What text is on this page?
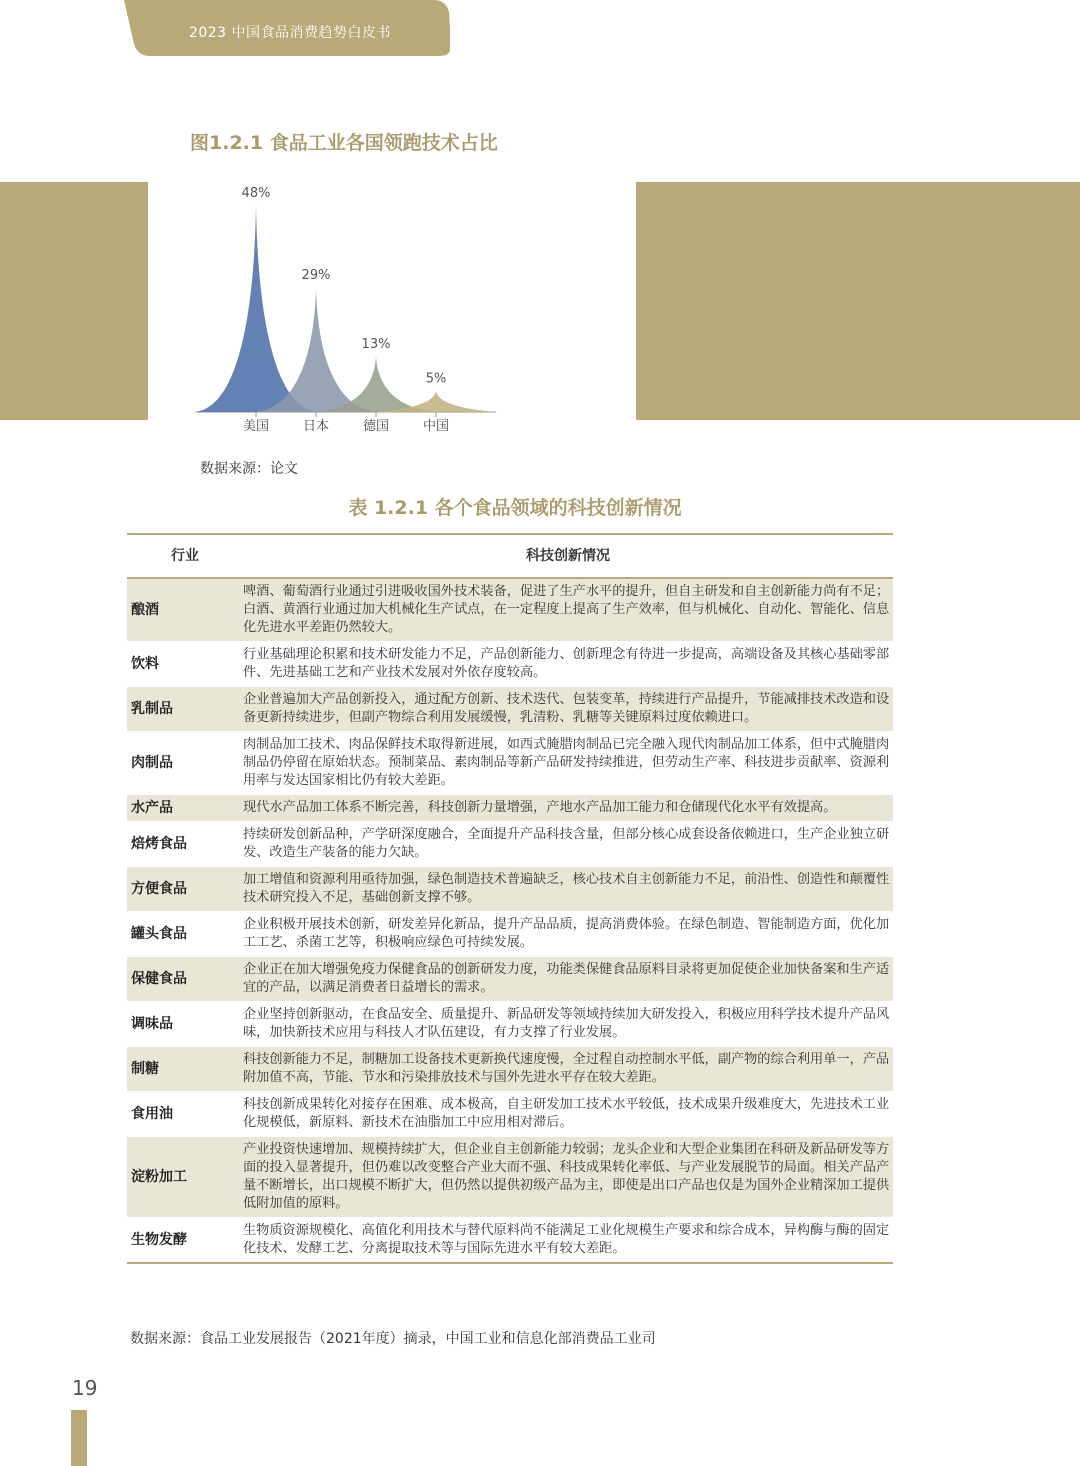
2023 中国食品消费趋势白皮书
图1.2.1 食品工业各国领跑技术占比
48%
美国
29%
日本
13%
德国
5%
中国
数据来源：论文
表 1.2.1 各个食品领域的科技创新情况
行业	科技创新情况
酿酒	啤酒、葡萄酒行业通过引进吸收国外技术装备，促进了生产水平的提升，但自主研发和自主创新能力尚有不足；白酒、黄酒行业通过加大机械化生产试点，在一定程度上提高了生产效率，但与机械化、自动化、智能化、信息化先进水平差距仍然较大。
饮料	行业基础理论积累和技术研发能力不足，产品创新能力、创新理念有待进一步提高，高端设备及其核心基础零部件、先进基础工艺和产业技术发展对外依存度较高。
乳制品	企业普遍加大产品创新投入，通过配方创新、技术迭代、包装变革，持续进行产品提升，节能减排技术改造和设备更新持续进步，但副产物综合利用发展缓慢，乳清粉、乳糖等关键原料过度依赖进口。
肉制品	肉制品加工技术、肉品保鲜技术取得新进展，如西式腌腊肉制品已完全融入现代肉制品加工体系，但中式腌腊肉制品仍停留在原始状态。预制菜品、素肉制品等新产品研发持续推进，但劳动生产率、科技进步贡献率、资源利用率与发达国家相比仍有较大差距。
水产品	现代水产品加工体系不断完善，科技创新力量增强，产地水产品加工能力和仓储现代化水平有效提高。
焙烤食品	持续研发创新品种，产学研深度融合，全面提升产品科技含量，但部分核心成套设备依赖进口，生产企业独立研发、改造生产装备的能力欠缺。
方便食品	加工增值和资源利用亟待加强，绿色制造技术普遍缺乏，核心技术自主创新能力不足，前沿性、创造性和颠覆性技术研究投入不足，基础创新支撑不够。
罐头食品	企业积极开展技术创新，研发差异化新品，提升产品品质，提高消费体验。在绿色制造、智能制造方面，优化加工工艺、杀菌工艺等，积极响应绿色可持续发展。
保健食品	企业正在加大增强免疫力保健食品的创新研发力度，功能类保健食品原料目录将更加促使企业加快备案和生产适宜的产品，以满足消费者日益增长的需求。
调味品	企业坚持创新驱动，在食品安全、质量提升、新品研发等领域持续加大研发投入，积极应用科学技术提升产品风味，加快新技术应用与科技人才队伍建设，有力支撑了行业发展。
制糖	科技创新能力不足，制糖加工设备技术更新换代速度慢，全过程自动控制水平低，副产物的综合利用单一，产品附加值不高，节能、节水和污染排放技术与国外先进水平存在较大差距。
食用油	科技创新成果转化对接存在困难、成本极高，自主研发加工技术水平较低，技术成果升级难度大，先进技术工业化规模低，新原料、新技术在油脂加工中应用相对滞后。
淀粉加工	产业投资快速增加、规模持续扩大，但企业自主创新能力较弱；龙头企业和大型企业集团在科研及新品研发等方面的投入显著提升，但仍难以改变整合产业大而不强、科技成果转化率低、与产业发展脱节的局面。相关产品产量不断增长，出口规模不断扩大，但仍然以提供初级产品为主，即使是出口产品也仅是为国外企业精深加工提供低附加值的原料。
生物发酵	生物质资源规模化、高值化利用技术与替代原料尚不能满足工业化规模生产要求和综合成本，异构酶与酶的固定化技术、发酵工艺、分离提取技术等与国际先进水平有较大差距。
数据来源：食品工业发展报告（2021年度）摘录，中国工业和信息化部消费品工业司
19
